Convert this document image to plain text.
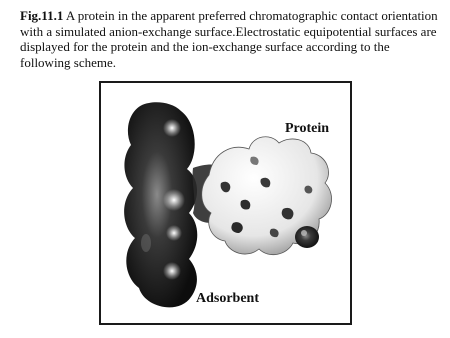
Fig.11.1 A protein in the apparent preferred chromatographic contact orientation with a simulated anion-exchange surface.Electrostatic equipotential surfaces are displayed for the protein and the ion-exchange surface according to the following scheme.
Protein
Adsorbent
